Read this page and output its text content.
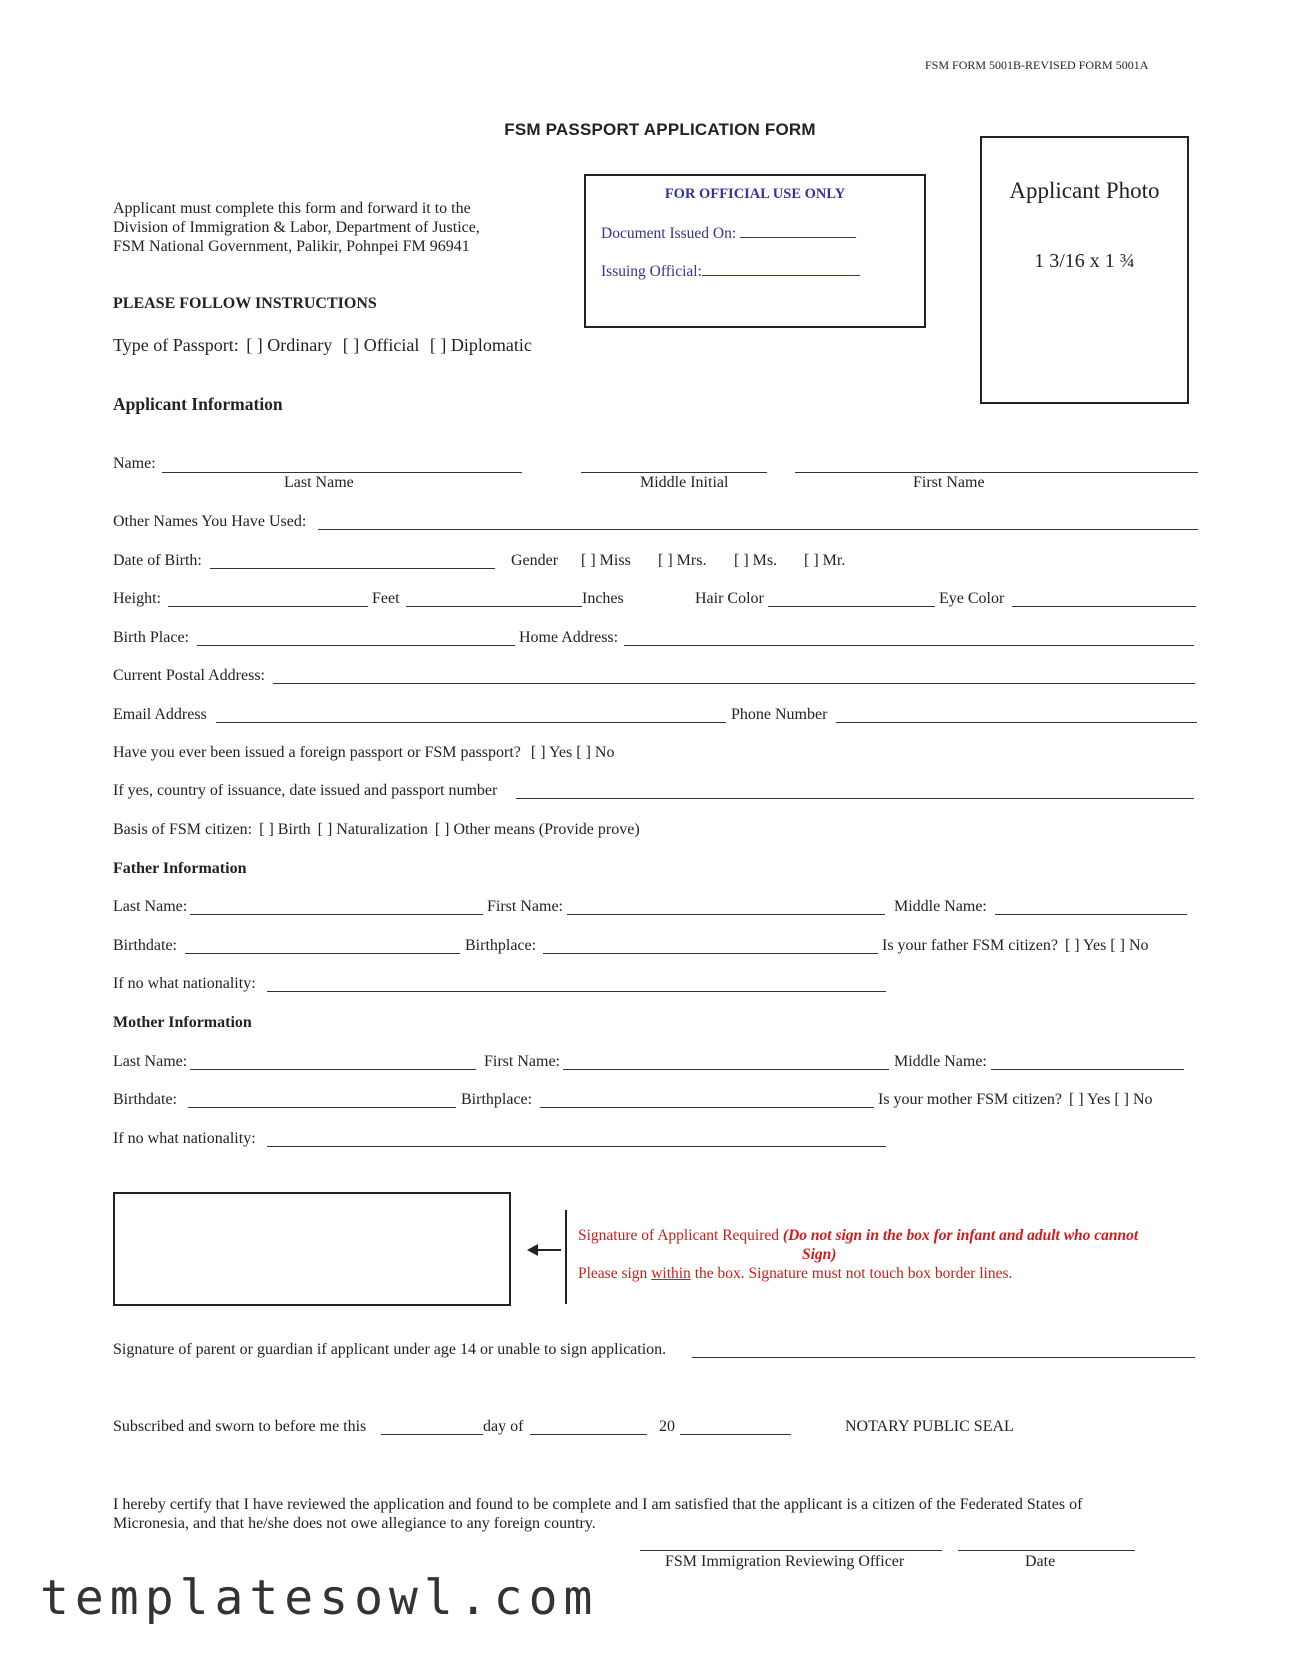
FSM FORM 5001B-REVISED FORM 5001A
FSM PASSPORT APPLICATION FORM
Applicant must complete this form and forward it to the
Division of Immigration & Labor, Department of Justice,
FSM National Government, Palikir, Pohnpei FM 96941
FOR OFFICIAL USE ONLY
Document Issued On:
Issuing Official:
Applicant Photo
1 3/16 x 1 ¾
PLEASE FOLLOW INSTRUCTIONS
Type of Passport: [ ] Ordinary [ ] Official [ ] Diplomatic
Applicant Information
Name:
Last Name	Middle Initial	First Name
Other Names You Have Used:
Date of Birth:	Gender [ ] Miss [ ] Mrs. [ ] Ms. [ ] Mr.
Height:	Feet	Inches	Hair Color	Eye Color
Birth Place:	Home Address:
Current Postal Address:
Email Address	Phone Number
Have you ever been issued a foreign passport or FSM passport? [ ] Yes [ ] No
If yes, country of issuance, date issued and passport number
Basis of FSM citizen: [ ] Birth [ ] Naturalization [ ] Other means (Provide prove)
Father Information
Last Name:	First Name:	Middle Name:
Birthdate:	Birthplace:	Is your father FSM citizen? [ ] Yes [ ] No
If no what nationality:
Mother Information
Last Name:	First Name:	Middle Name:
Birthdate:	Birthplace:	Is your mother FSM citizen? [ ] Yes [ ] No
If no what nationality:
Signature of Applicant Required (Do not sign in the box for infant and adult who cannot
Sign)
Please sign within the box. Signature must not touch box border lines.
Signature of parent or guardian if applicant under age 14 or unable to sign application.
Subscribed and sworn to before me this	day of	20	NOTARY PUBLIC SEAL
I hereby certify that I have reviewed the application and found to be complete and I am satisfied that the applicant is a citizen of the Federated States of
Micronesia, and that he/she does not owe allegiance to any foreign country.
FSM Immigration Reviewing Officer	Date
templatesowl.com
